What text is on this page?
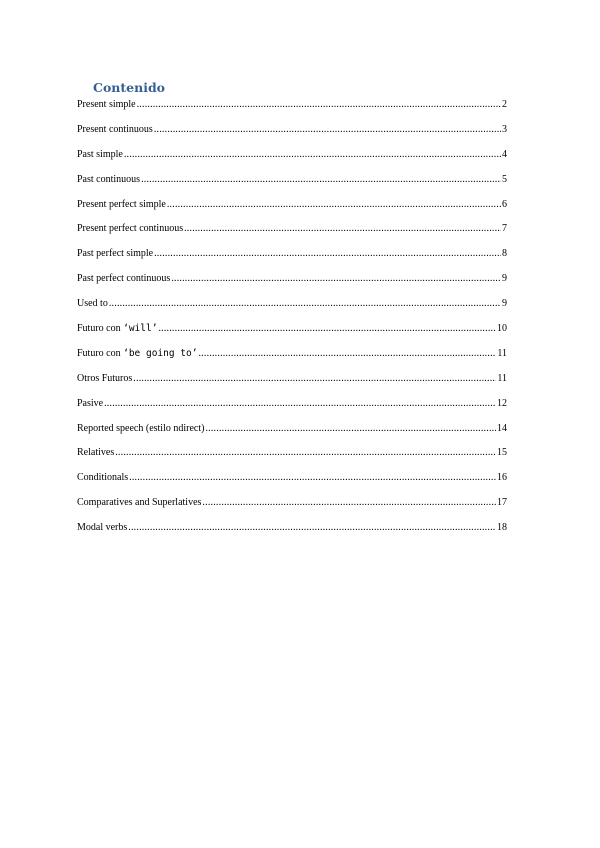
Contenido
Present simple .....	2
Present continuous .....	3
Past simple .....	4
Past continuous .....	5
Present perfect simple .....	6
Present perfect continuous .....	7
Past perfect simple .....	8
Past perfect continuous .....	9
Used to .....	9
Futuro con ‘will’ .....	10
Futuro con ‘be going to’ .....	11
Otros Futuros .....	11
Pasive .....	12
Reported speech (estilo ndirect) .....	14
Relatives .....	15
Conditionals .....	16
Comparatives and Superlatives .....	17
Modal verbs .....	18
